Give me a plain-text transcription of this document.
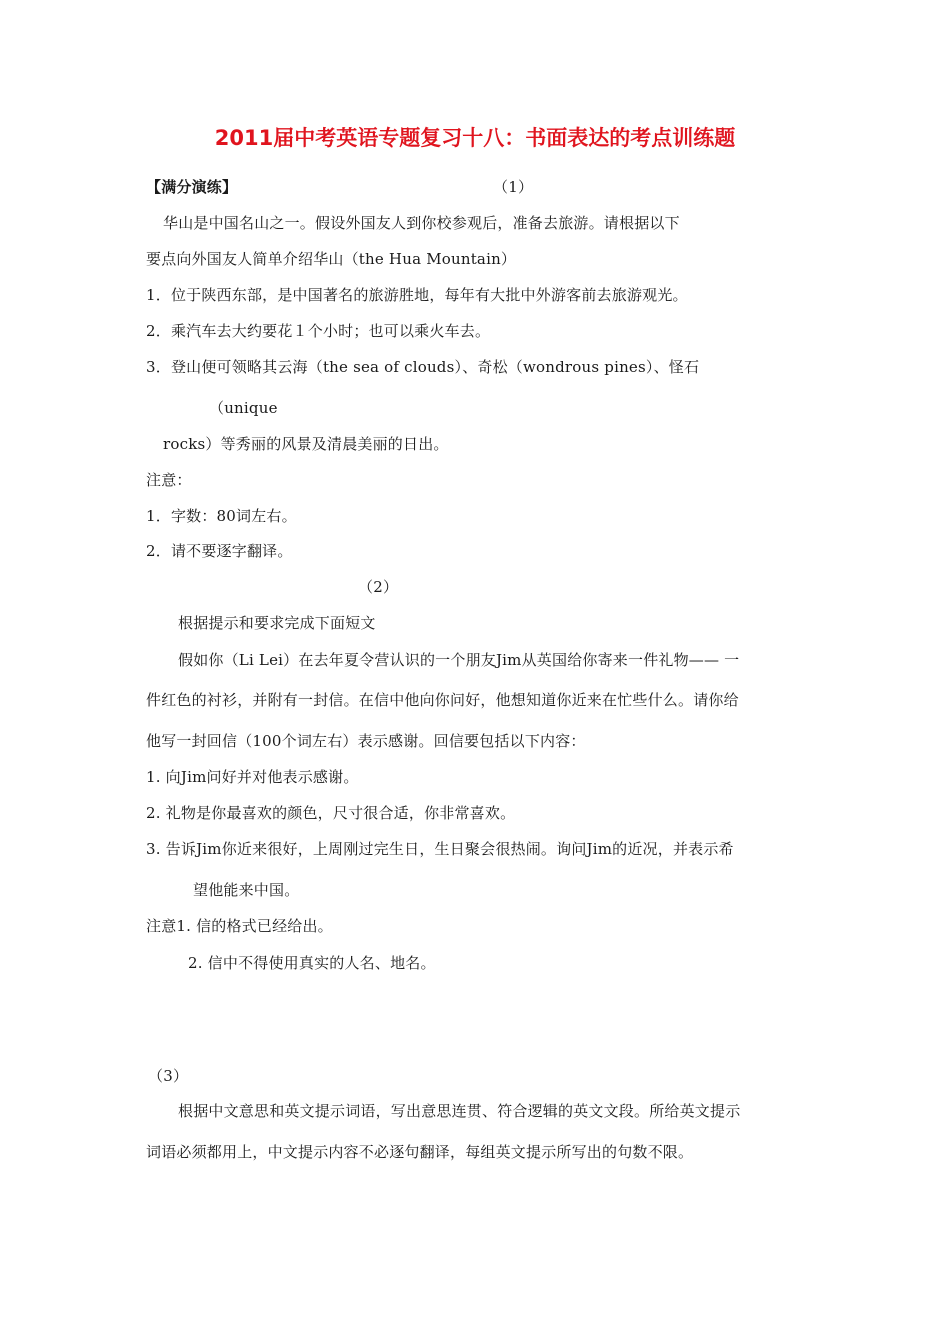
2011届中考英语专题复习十八：书面表达的考点训练题
【满分演练】	（1）
华山是中国名山之一。假设外国友人到你校参观后，准备去旅游。请根据以下
要点向外国友人简单介绍华山（the Hua Mountain）
1．位于陕西东部，是中国著名的旅游胜地，每年有大批中外游客前去旅游观光。
2．乘汽车去大约要花１个小时；也可以乘火车去。
3．登山便可领略其云海（the sea of clouds）、奇松（wondrous pines）、怪石
（unique
rocks）等秀丽的风景及清晨美丽的日出。
注意：
1．字数：80词左右。
2．请不要逐字翻译。
（2）
根据提示和要求完成下面短文
假如你（Li Lei）在去年夏令营认识的一个朋友Jim从英国给你寄来一件礼物—— 一
件红色的衬衫，并附有一封信。在信中他向你问好，他想知道你近来在忙些什么。请你给
他写一封回信（100个词左右）表示感谢。回信要包括以下内容：
1. 向Jim问好并对他表示感谢。
2. 礼物是你最喜欢的颜色，尺寸很合适，你非常喜欢。
3. 告诉Jim你近来很好，上周刚过完生日，生日聚会很热闹。询问Jim的近况，并表示希
望他能来中国。
注意1. 信的格式已经给出。
2. 信中不得使用真实的人名、地名。
（3）
根据中文意思和英文提示词语，写出意思连贯、符合逻辑的英文文段。所给英文提示
词语必须都用上，中文提示内容不必逐句翻译，每组英文提示所写出的句数不限。
